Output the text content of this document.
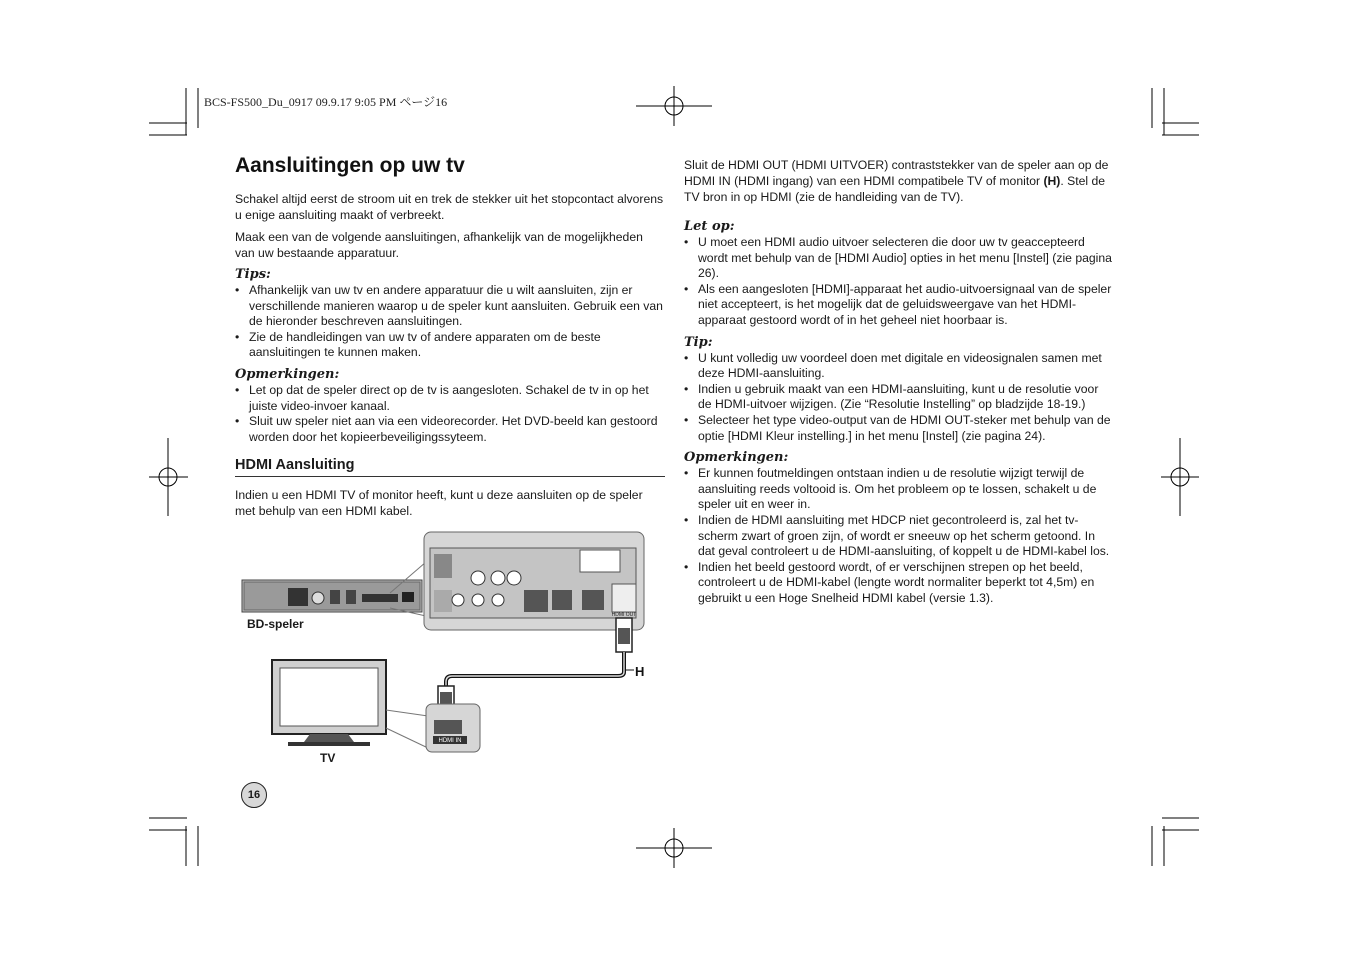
BCS-FS500_Du_0917 09.9.17 9:05 PM ページ16
Aansluitingen op uw tv

Schakel altijd eerst de stroom uit en trek de stekker uit het stopcontact alvorens u enige aansluiting maakt of verbreekt.

Maak een van de volgende aansluitingen, afhankelijk van de mogelijkheden van uw bestaande apparatuur.

Tips:
• Afhankelijk van uw tv en andere apparatuur die u wilt aansluiten, zijn er verschillende manieren waarop u de speler kunt aansluiten. Gebruik een van de hieronder beschreven aansluitingen.
• Zie de handleidingen van uw tv of andere apparaten om de beste aansluitingen te kunnen maken.
Opmerkingen:
• Let op dat de speler direct op de tv is aangesloten. Schakel de tv in op het juiste video-invoer kanaal.
• Sluit uw speler niet aan via een videorecorder. Het DVD-beeld kan gestoord worden door het kopieerbeveiligingssyteem.
HDMI Aansluiting

Indien u een HDMI TV of monitor heeft, kunt u deze aansluiten op de speler met behulp van een HDMI kabel.

HDMI IN
HDMI OUT
H
BD-speler
TV
16

Sluit de HDMI OUT (HDMI UITVOER) contraststekker van de speler aan op de HDMI IN (HDMI ingang) van een HDMI compatibele TV of monitor (H). Stel de TV bron in op HDMI (zie de handleiding van de TV).

Let op:
• U moet een HDMI audio uitvoer selecteren die door uw tv geaccepteerd wordt met behulp van de [HDMI Audio] opties in het menu [Instel] (zie pagina 26).
• Als een aangesloten [HDMI]-apparaat het audio-uitvoersignaal van de speler niet accepteert, is het mogelijk dat de geluidsweergave van het HDMI-apparaat gestoord wordt of in het geheel niet hoorbaar is.
Tip:
• U kunt volledig uw voordeel doen met digitale en videosignalen samen met deze HDMI-aansluiting.
• Indien u gebruik maakt van een HDMI-aansluiting, kunt u de resolutie voor de HDMI-uitvoer wijzigen. (Zie “Resolutie Instelling” op bladzijde 18-19.)
• Selecteer het type video-output van de HDMI OUT-steker met behulp van de optie [HDMI Kleur instelling.] in het menu [Instel] (zie pagina 24).
Opmerkingen:
• Er kunnen foutmeldingen ontstaan indien u de resolutie wijzigt terwijl de aansluiting reeds voltooid is. Om het probleem op te lossen, schakelt u de speler uit en weer in.
• Indien de HDMI aansluiting met HDCP niet gecontroleerd is, zal het tv-scherm zwart of groen zijn, of wordt er sneeuw op het scherm getoond. In dat geval controleert u de HDMI-aansluiting, of koppelt u de HDMI-kabel los.
• Indien het beeld gestoord wordt, of er verschijnen strepen op het beeld, controleert u de HDMI-kabel (lengte wordt normaliter beperkt tot 4,5m) en gebruikt u een Hoge Snelheid HDMI kabel (versie 1.3).
